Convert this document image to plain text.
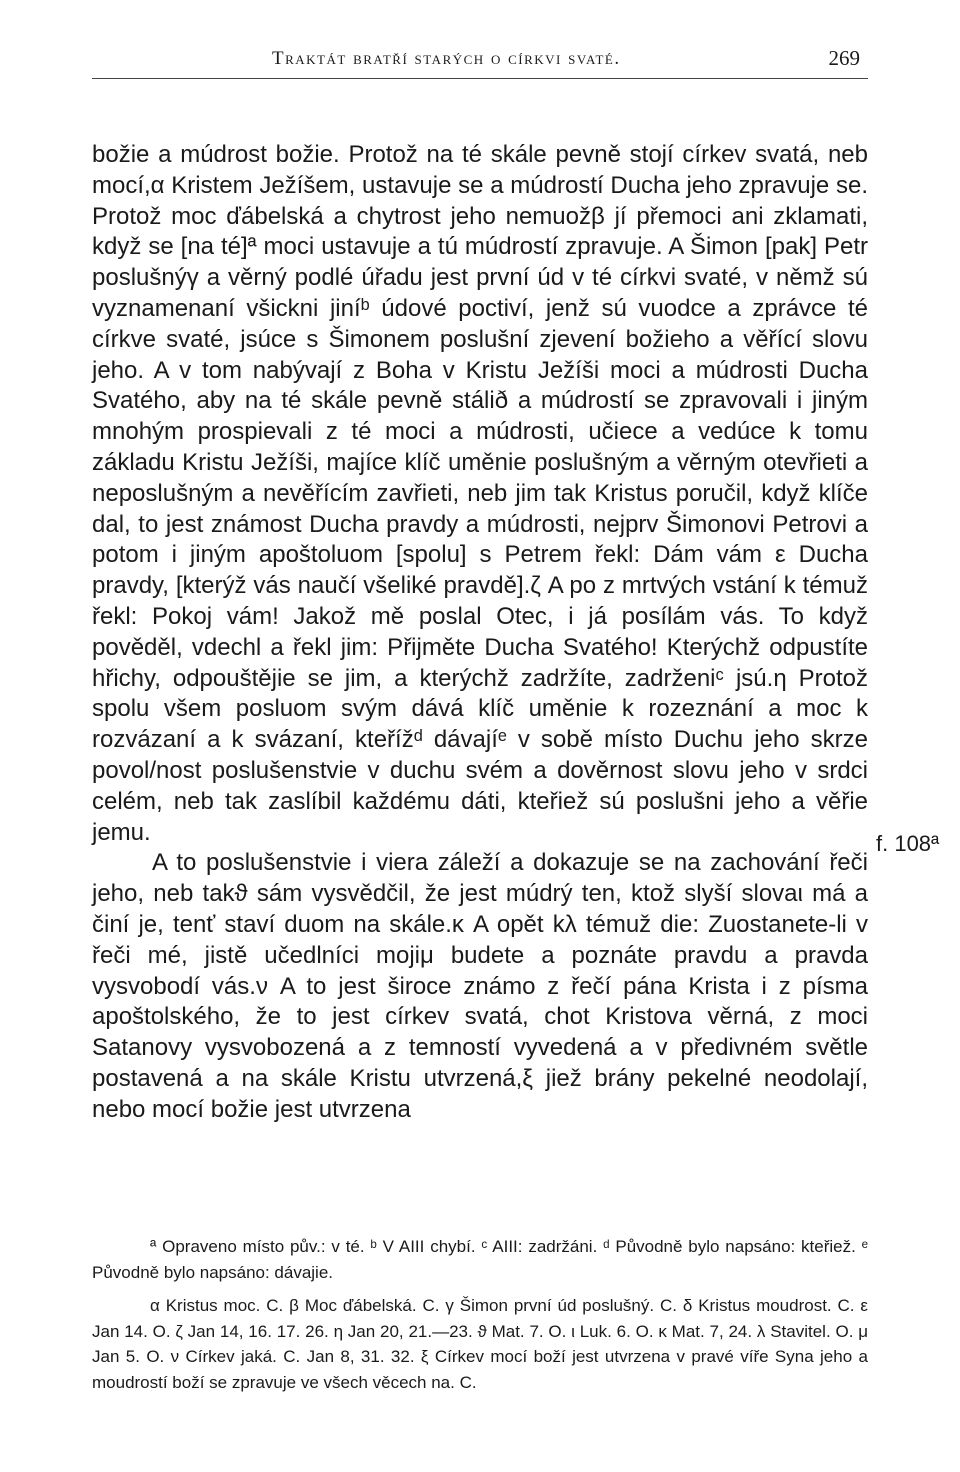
Traktát bratří starých o církvi svaté.	269

božie a múdrost božie. Protož na té skále pevně stojí církev svatá, neb mocí,α Kristem Ježíšem, ustavuje se a múdrostí Ducha jeho zpravuje se. Protož moc ďábelská a chytrost jeho nemuožβ jí přemoci ani zklamati, když se [na té]ª moci ustavuje a tú múdrostí zpravuje. A Šimon [pak] Petr poslušnýγ a věrný podlé úřadu jest první úd v té církvi svaté, v němž sú vyznamenaní všickni jiníᵇ údové poctiví, jenž sú vuodce a zprávce té církve svaté, jsúce s Šimonem poslušní zjevení božieho a věřící slovu jeho. A v tom nabývají z Boha v Kristu Ježíši moci a múdrosti Ducha Svatého, aby na té skále pevně stálið a múdrostí se zpravovali i jiným mnohým prospievali z té moci a múdrosti, učiece a vedúce k tomu základu Kristu Ježíši, majíce klíč uměnie poslušným a věrným otevřieti a neposlušným a nevěřícím zavřieti, neb jim tak Kristus poručil, když klíče dal, to jest známost Ducha pravdy a múdrosti, nejprv Šimonovi Petrovi a potom i jiným apoštoluom [spolu] s Petrem řekl: Dám vám ε Ducha pravdy, [kterýž vás naučí všeliké pravdě].ζ A po z mrtvých vstání k témuž řekl: Pokoj vám! Jakož mě poslal Otec, i já posílám vás. To když pověděl, vdechl a řekl jim: Přijměte Ducha Svatého! Kterýchž odpustíte hřichy, odpouštějie se jim, a kterýchž zadržíte, zadrženiᶜ jsú.η Protož spolu všem posluom svým dává klíč uměnie k rozeznání a moc k rozvázaní a k svázaní, kteřížᵈ dávajíᵉ v sobě místo Duchu jeho skrze povol/nost poslušenstvie v duchu svém a dověrnost slovu jeho v srdci celém, neb tak zaslíbil každému dáti, kteřiež sú poslušni jeho a věřie jemu.

A to poslušenstvie i viera záleží a dokazuje se na zachování řeči jeho, neb takϑ sám vysvědčil, že jest múdrý ten, ktož slyší slovaι má a činí je, tenť staví duom na skále.κ A opět kλ témuž die: Zuostanete-li v řeči mé, jistě učedlníci mojiμ budete a poznáte pravdu a pravda vysvobodí vás.ν A to jest široce známo z řečí pána Krista i z písma apoštolského, že to jest církev svatá, chot Kristova věrná, z moci Satanovy vysvobozená a z temností vyvedená a v předivném světle postavená a na skále Kristu utvrzená,ξ jiež brány pekelné neodolají, nebo mocí božie jest utvrzena

f. 108ª

ª Opraveno místo pův.: v té. ᵇ V AIII chybí. ᶜ AIII: zadržáni. ᵈ Původně bylo napsáno: kteřiež. ᵉ Původně bylo napsáno: dávajie.

α Kristus moc. C. β Moc ďábelská. C. γ Šimon první úd poslušný. C. δ Kristus moudrost. C. ε Jan 14. O. ζ Jan 14, 16. 17. 26. η Jan 20, 21.—23. ϑ Mat. 7. O. ι Luk. 6. O. κ Mat. 7, 24. λ Stavitel. O. μ Jan 5. O. ν Církev jaká. C. Jan 8, 31. 32. ξ Církev mocí boží jest utvrzena v pravé víře Syna jeho a moudrostí boží se zpravuje ve všech věcech na. C.
